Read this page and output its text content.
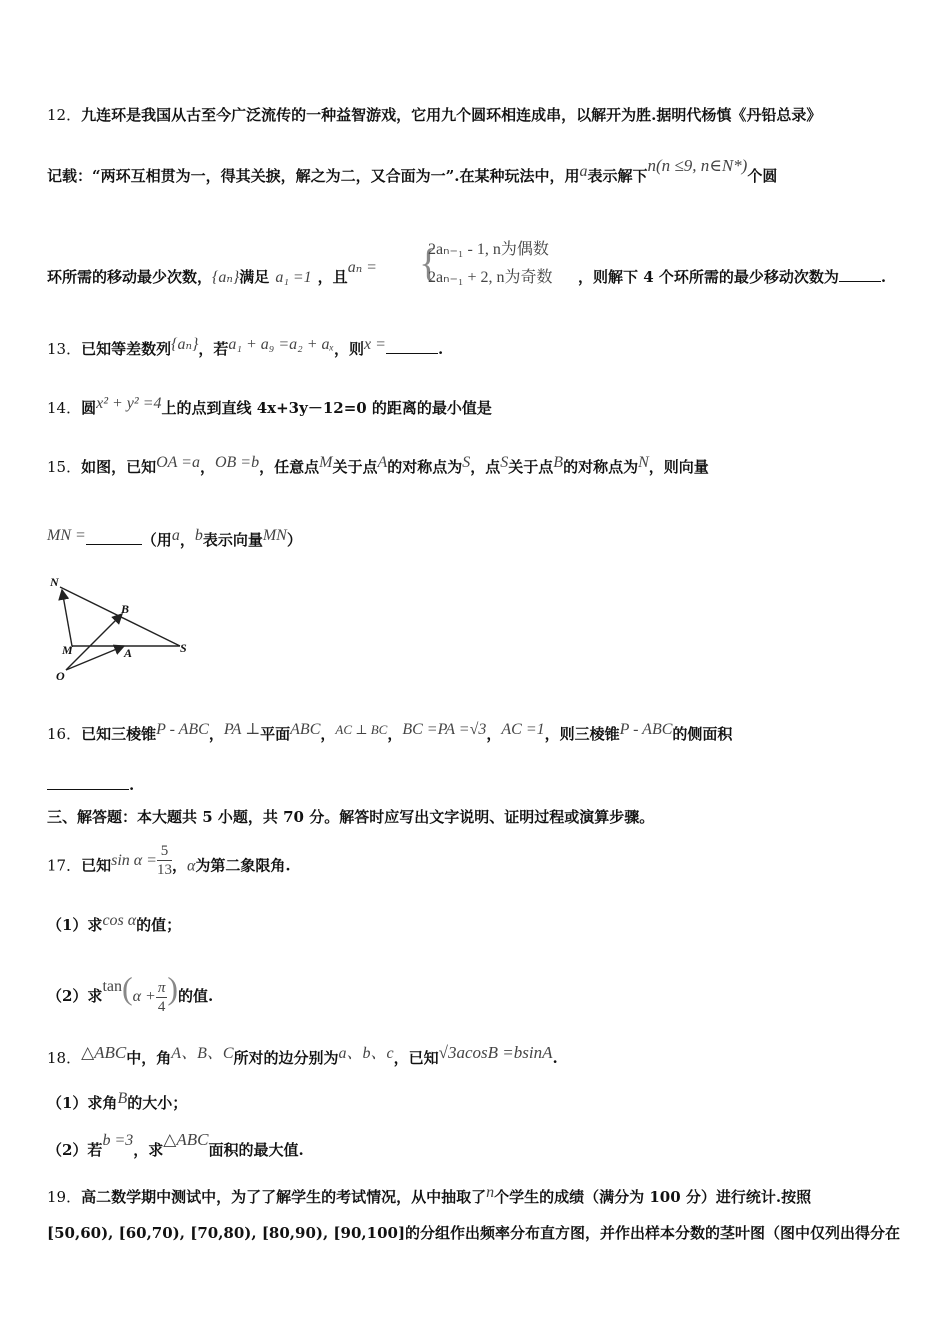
12．九连环是我国从古至今广泛流传的一种益智游戏，它用九个圆环相连成串，以解开为胜.据明代杨慎《丹铅总录》
记载：“两环互相贯为一，得其关捩，解之为二，又合面为一”.在某种玩法中，用a表示解下n(n ≤9, n∈N*)个圆
环所需的移动最少次数，{aₙ}满足 a₁ =1 ，且aₙ = {
2aₙ₋₁ - 1, n为偶数
2aₙ₋₁ + 2, n为奇数 ，则解下 4 个环所需的最少移动次数为	.
13．已知等差数列{aₙ}，若a₁ + a₉ =a₂ + aₓ，则x =	.
14．圆x² + y² =4上的点到直线 4x+3y－12=0 的距离的最小值是
15．如图，已知OA =a，OB =b，任意点M关于点A的对称点为S，点S关于点B的对称点为N，则向量
MN =	（用a，b表示向量MN）
N
B
M	A	S
O
16．已知三棱锥P - ABC，PA ⊥平面ABC，AC ⊥ BC，BC =PA =√3，AC =1，则三棱锥P - ABC的侧面积
.
三、解答题：本大题共 5 小题，共 70 分。解答时应写出文字说明、证明过程或演算步骤。
17．已知$\sin \alpha = \frac{5}{13}$ ，α为第二象限角.
（1）求cos α的值；
（2）求$\tan(\alpha + \frac{\pi}{4}$ )的值.
18．△ABC中，角A、B、C所对的边分别为a、b、c，已知√3acosB =bsinA.
（1）求角B的大小；
（2）若b =3，求△ABC面积的最大值.
19．高二数学期中测试中，为了了解学生的考试情况，从中抽取了n个学生的成绩（满分为 100 分）进行统计.按照
[50,60), [60,70), [70,80), [80,90), [90,100]的分组作出频率分布直方图，并作出样本分数的茎叶图（图中仅列出得分在
